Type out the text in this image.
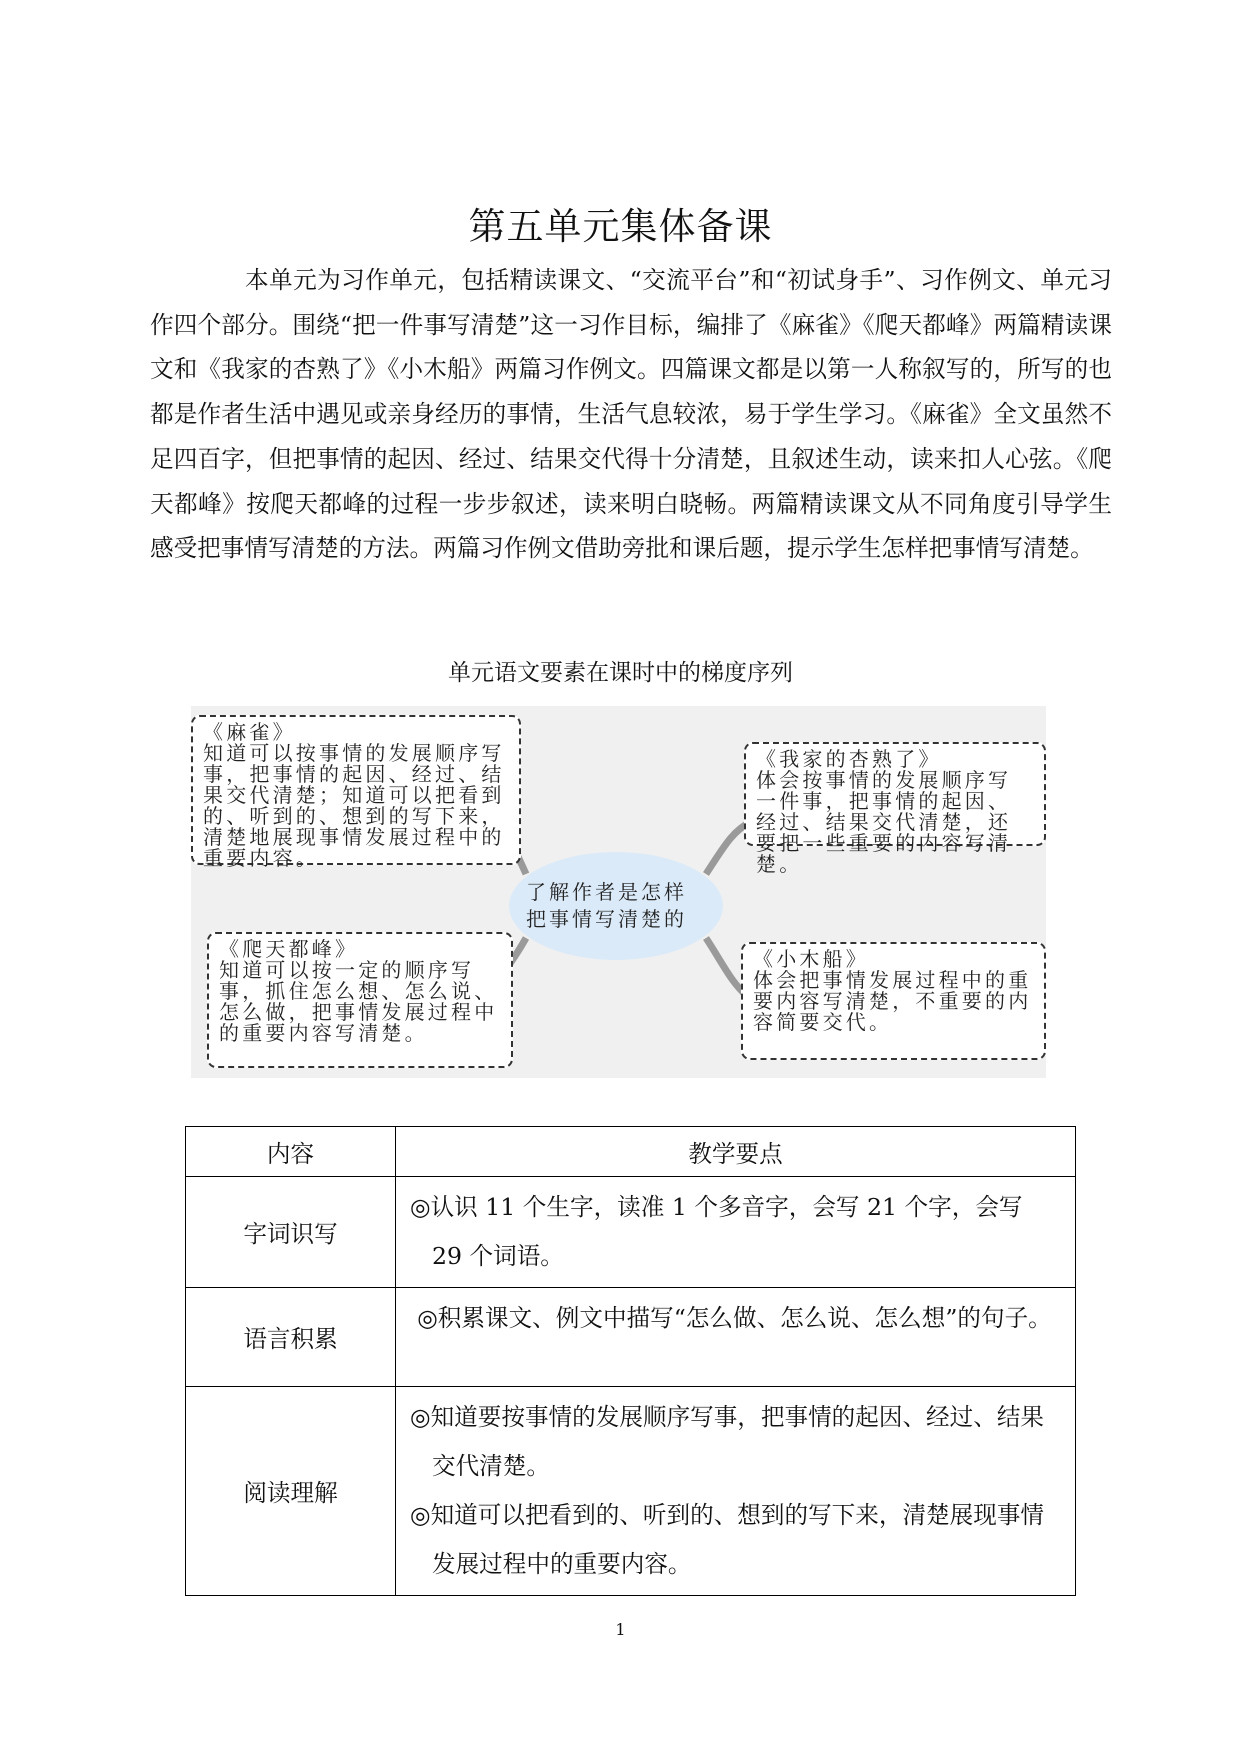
第五单元集体备课

本单元为习作单元，包括精读课文、“交流平台”和“初试身手”、习作例文、单元习作四个部分。围绕“把一件事写清楚”这一习作目标，编排了《麻雀》《爬天都峰》两篇精读课文和《我家的杏熟了》《小木船》两篇习作例文。四篇课文都是以第一人称叙写的，所写的也都是作者生活中遇见或亲身经历的事情，生活气息较浓，易于学生学习。《麻雀》全文虽然不足四百字，但把事情的起因、经过、结果交代得十分清楚，且叙述生动，读来扣人心弦。《爬天都峰》按爬天都峰的过程一步步叙述，读来明白晓畅。两篇精读课文从不同角度引导学生感受把事情写清楚的方法。两篇习作例文借助旁批和课后题，提示学生怎样把事情写清楚。

单元语文要素在课时中的梯度序列
《麻雀》
知道可以按事情的发展顺序写事，把事情的起因、经过、结果交代清楚；知道可以把看到的、听到的、想到的写下来，清楚地展现事情发展过程中的重要内容。
《我家的杏熟了》
体会按事情的发展顺序写一件事，把事情的起因、经过、结果交代清楚，还要把一些重要的内容写清楚。
了解作者是怎样把事情写清楚的
《爬天都峰》
知道可以按一定的顺序写事，抓住怎么想、怎么说、怎么做，把事情发展过程中的重要内容写清楚。
《小木船》
体会把事情发展过程中的重要内容写清楚，不重要的内容简要交代。
内容	教学要点
字词识写	◎认识 11 个生字，读准 1 个多音字，会写 21 个字，会写 29 个词语。

语言积累	◎积累课文、例文中描写“怎么做、怎么说、怎么想”的句子。

阅读理解	◎知道要按事情的发展顺序写事，把事情的起因、经过、结果交代清楚。
◎知道可以把看到的、听到的、想到的写下来，清楚展现事情发展过程中的重要内容。
1
